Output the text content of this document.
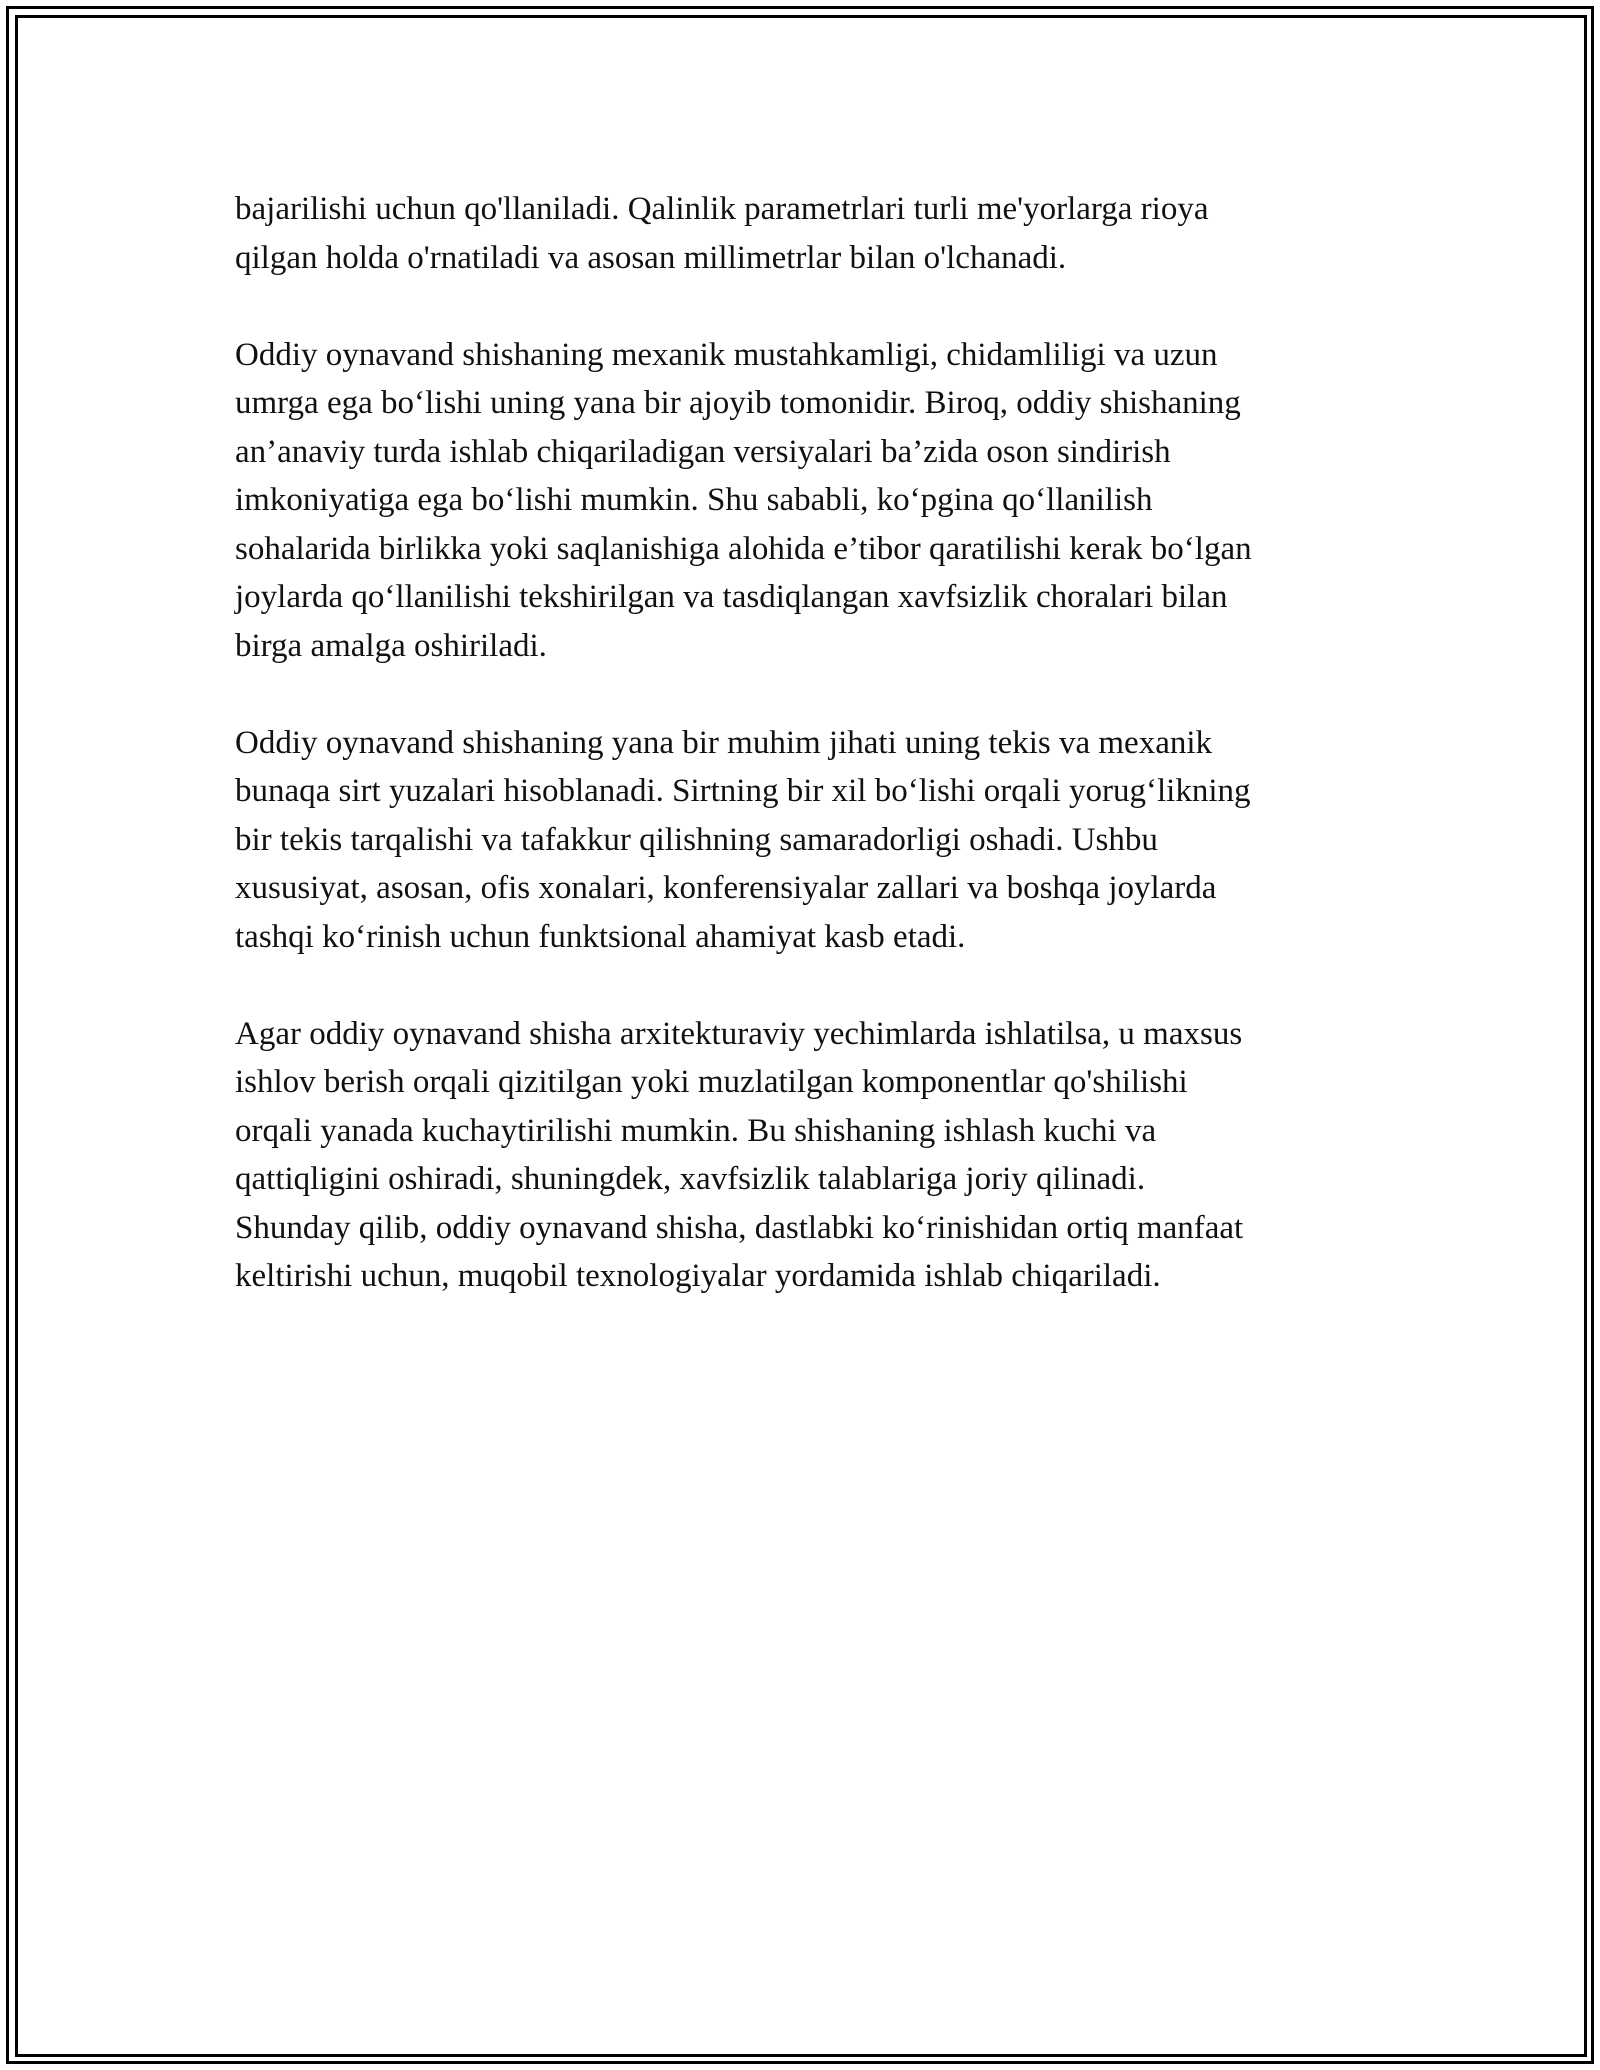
bajarilishi uchun qo'llaniladi. Qalinlik parametrlari turli me'yorlarga rioya
qilgan holda o'rnatiladi va asosan millimetrlar bilan o'lchanadi.

Oddiy oynavand shishaning mexanik mustahkamligi, chidamliligi va uzun
umrga ega bo‘lishi uning yana bir ajoyib tomonidir. Biroq, oddiy shishaning
an’anaviy turda ishlab chiqariladigan versiyalari ba’zida oson sindirish
imkoniyatiga ega bo‘lishi mumkin. Shu sababli, ko‘pgina qo‘llanilish
sohalarida birlikka yoki saqlanishiga alohida e’tibor qaratilishi kerak bo‘lgan
joylarda qo‘llanilishi tekshirilgan va tasdiqlangan xavfsizlik choralari bilan
birga amalga oshiriladi.

Oddiy oynavand shishaning yana bir muhim jihati uning tekis va mexanik
bunaqa sirt yuzalari hisoblanadi. Sirtning bir xil bo‘lishi orqali yorug‘likning
bir tekis tarqalishi va tafakkur qilishning samaradorligi oshadi. Ushbu
xususiyat, asosan, ofis xonalari, konferensiyalar zallari va boshqa joylarda
tashqi ko‘rinish uchun funktsional ahamiyat kasb etadi.

Agar oddiy oynavand shisha arxitekturaviy yechimlarda ishlatilsa, u maxsus
ishlov berish orqali qizitilgan yoki muzlatilgan komponentlar qo'shilishi
orqali yanada kuchaytirilishi mumkin. Bu shishaning ishlash kuchi va
qattiqligini oshiradi, shuningdek, xavfsizlik talablariga joriy qilinadi.
Shunday qilib, oddiy oynavand shisha, dastlabki ko‘rinishidan ortiq manfaat
keltirishi uchun, muqobil texnologiyalar yordamida ishlab chiqariladi.
